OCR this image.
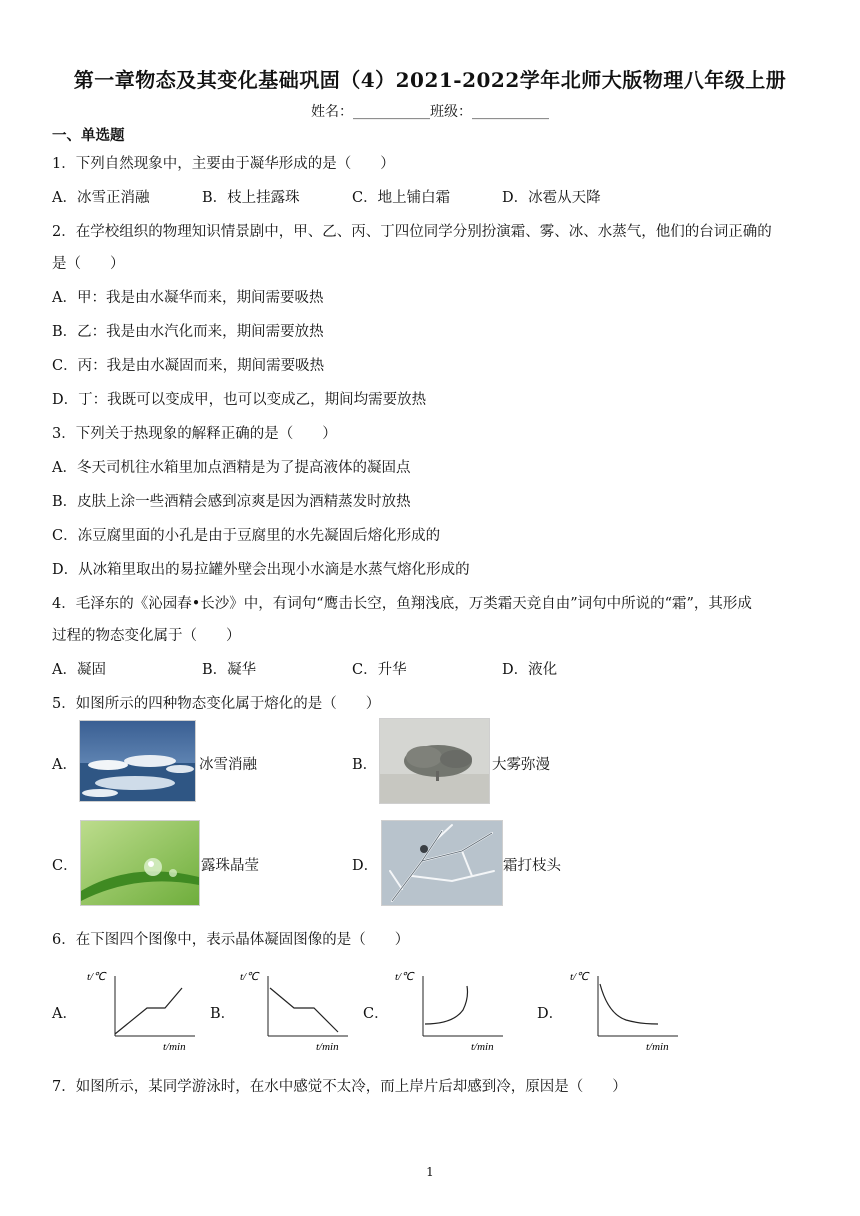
第一章物态及其变化基础巩固（4）2021-2022学年北师大版物理八年级上册
姓名：___________班级：___________
一、单选题
1．下列自然现象中，主要由于凝华形成的是（　　）
A．冰雪正消融	B．枝上挂露珠	C．地上铺白霜	D．冰雹从天降
2．在学校组织的物理知识情景剧中，甲、乙、丙、丁四位同学分别扮演霜、雾、冰、水蒸气，他们的台词正确的
是（　　）
A．甲：我是由水凝华而来，期间需要吸热
B．乙：我是由水汽化而来，期间需要放热
C．丙：我是由水凝固而来，期间需要吸热
D．丁：我既可以变成甲，也可以变成乙，期间均需要放热
3．下列关于热现象的解释正确的是（　　）
A．冬天司机往水箱里加点酒精是为了提高液体的凝固点
B．皮肤上涂一些酒精会感到凉爽是因为酒精蒸发时放热
C．冻豆腐里面的小孔是由于豆腐里的水先凝固后熔化形成的
D．从冰箱里取出的易拉罐外壁会出现小水滴是水蒸气熔化形成的
4．毛泽东的《沁园春•长沙》中，有词句“鹰击长空，鱼翔浅底，万类霜天竞自由”词句中所说的“霜”，其形成
过程的物态变化属于（　　）
A．凝固	B．凝华	C．升华	D．液化
5．如图所示的四种物态变化属于熔化的是（　　）
A．	冰雪消融	B．	大雾弥漫
C．	露珠晶莹	D．	霜打枝头
6．在下图四个图像中，表示晶体凝固图像的是（　　）
A．
t/℃
t/min
B．
t/℃
t/min
C．
t/℃
t/min
D．
t/℃
t/min
7．如图所示，某同学游泳时，在水中感觉不太冷，而上岸片后却感到冷，原因是（　　）
1
